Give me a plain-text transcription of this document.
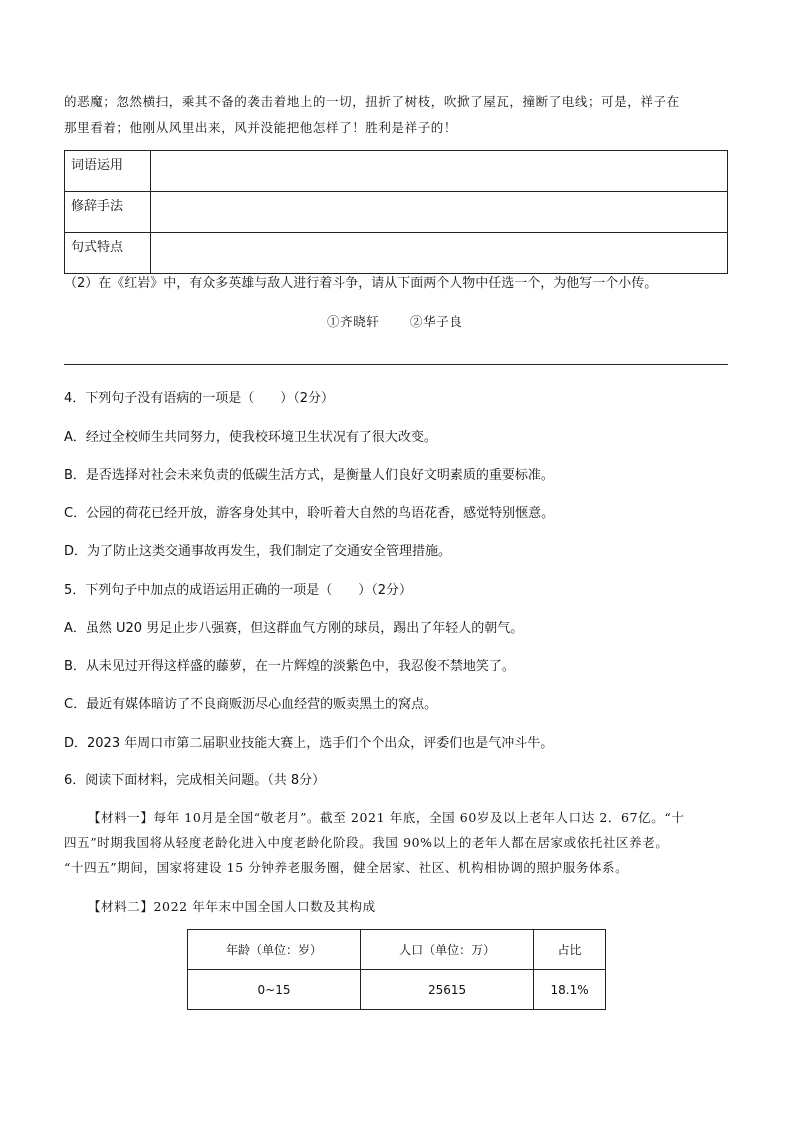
的恶魔；忽然横扫，乘其不备的袭击着地上的一切，扭折了树枝，吹掀了屋瓦，撞断了电线；可是，祥子在
那里看着；他刚从风里出来，风并没能把他怎样了！胜利是祥子的！
词语运用	
修辞手法	
句式特点	
（2）在《红岩》中，有众多英雄与敌人进行着斗争，请从下面两个人物中任选一个，为他写一个小传。
①齐晓轩 ②华子良
4．下列句子没有语病的一项是（　　）（2分）
A．经过全校师生共同努力，使我校环境卫生状况有了很大改变。
B．是否选择对社会未来负责的低碳生活方式，是衡量人们良好文明素质的重要标准。
C．公园的荷花已经开放，游客身处其中，聆听着大自然的鸟语花香，感觉特别惬意。
D．为了防止这类交通事故再发生，我们制定了交通安全管理措施。
5．下列句子中加点的成语运用正确的一项是（　　）（2分）
A．虽然 U20 男足止步八强赛，但这群血气方刚的球员，踢出了年轻人的朝气。
B．从未见过开得这样盛的藤萝，在一片辉煌的淡紫色中，我忍俊不禁地笑了。
C．最近有媒体暗访了不良商贩沥尽心血经营的贩卖黑土的窝点。
D．2023 年周口市第二届职业技能大赛上，选手们个个出众，评委们也是气冲斗牛。
6．阅读下面材料，完成相关问题。（共 8分）
【材料一】每年 10月是全国“敬老月”。截至 2021 年底，全国 60岁及以上老年人口达 2．67亿。“十
四五”时期我国将从轻度老龄化进入中度老龄化阶段。我国 90%以上的老年人都在居家或依托社区养老。
“十四五”期间，国家将建设 15 分钟养老服务圈，健全居家、社区、机构相协调的照护服务体系。
【材料二】2022 年年末中国全国人口数及其构成
年龄（单位：岁）	人口（单位：万）	占比
0~15	25615	18.1%
